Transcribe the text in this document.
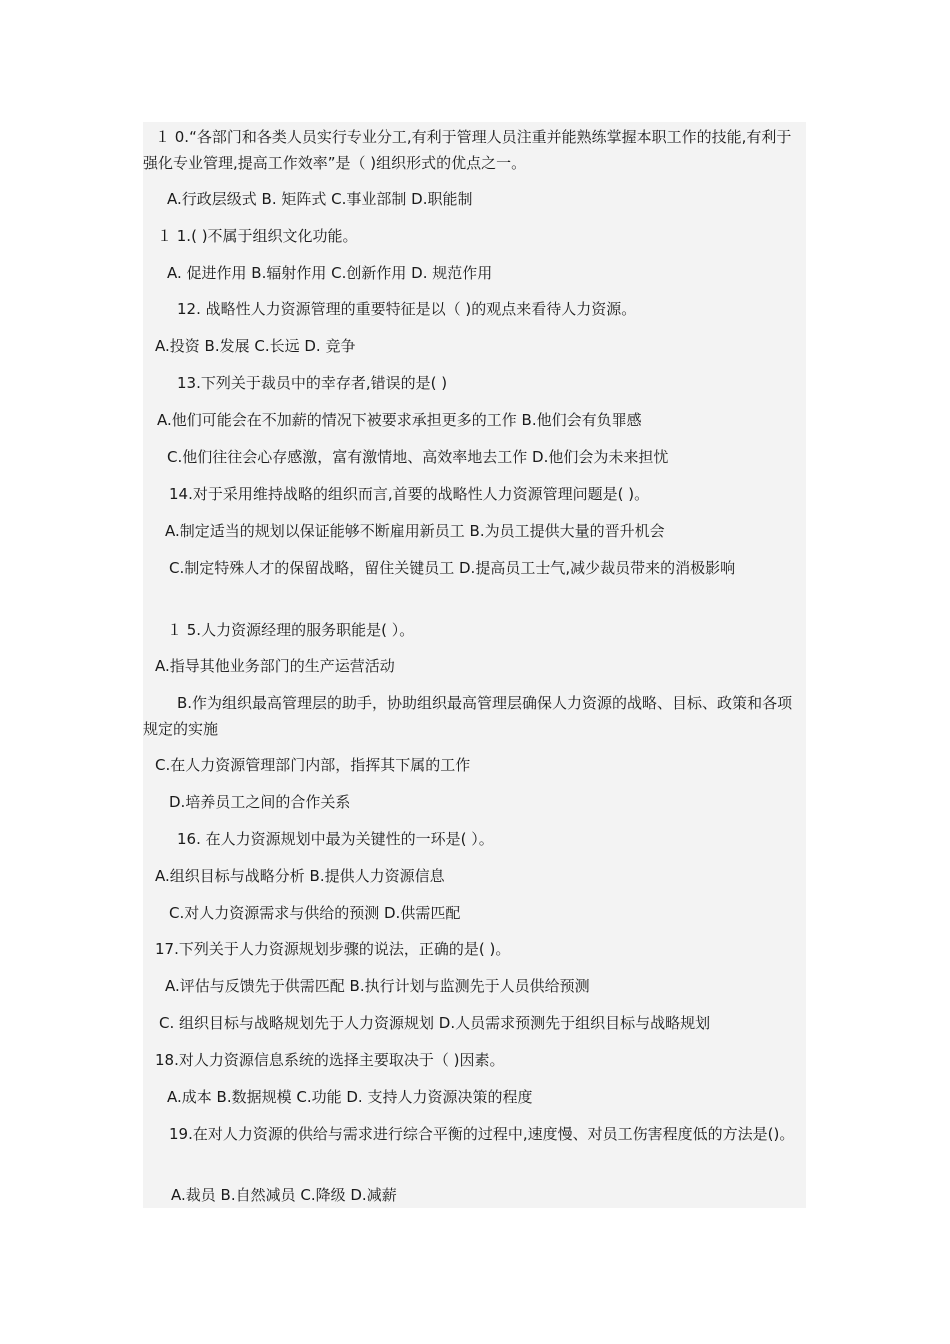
１ 0.“各部门和各类人员实行专业分工,有利于管理人员注重并能熟练掌握本职工作的技能,有利于强化专业管理,提高工作效率”是（ )组织形式的优点之一。
A.行政层级式 B. 矩阵式 C.事业部制 D.职能制
１ 1.( )不属于组织文化功能。
A. 促进作用 B.辐射作用 C.创新作用 D. 规范作用
12. 战略性人力资源管理的重要特征是以（ )的观点来看待人力资源。
A.投资 B.发展 C.长远 D. 竞争
13.下列关于裁员中的幸存者,错误的是( )
A.他们可能会在不加薪的情况下被要求承担更多的工作 B.他们会有负罪感
C.他们往往会心存感激，富有激情地、高效率地去工作 D.他们会为未来担忧
14.对于采用维持战略的组织而言,首要的战略性人力资源管理问题是( )。
A.制定适当的规划以保证能够不断雇用新员工 B.为员工提供大量的晋升机会
C.制定特殊人才的保留战略，留住关键员工 D.提高员工士气,减少裁员带来的消极影响
１ 5.人力资源经理的服务职能是( ）。
A.指导其他业务部门的生产运营活动
B.作为组织最高管理层的助手，协助组织最高管理层确保人力资源的战略、目标、政策和各项规定的实施
C.在人力资源管理部门内部，指挥其下属的工作
D.培养员工之间的合作关系
16. 在人力资源规划中最为关键性的一环是( ）。
A.组织目标与战略分析 B.提供人力资源信息
C.对人力资源需求与供给的预测 D.供需匹配
17.下列关于人力资源规划步骤的说法，正确的是( )。
A.评估与反馈先于供需匹配 B.执行计划与监测先于人员供给预测
C. 组织目标与战略规划先于人力资源规划 D.人员需求预测先于组织目标与战略规划
18.对人力资源信息系统的选择主要取决于（ )因素。
A.成本 B.数据规模 C.功能 D. 支持人力资源决策的程度
19.在对人力资源的供给与需求进行综合平衡的过程中,速度慢、对员工伤害程度低的方法是()。
A.裁员 B.自然减员 C.降级 D.减薪
